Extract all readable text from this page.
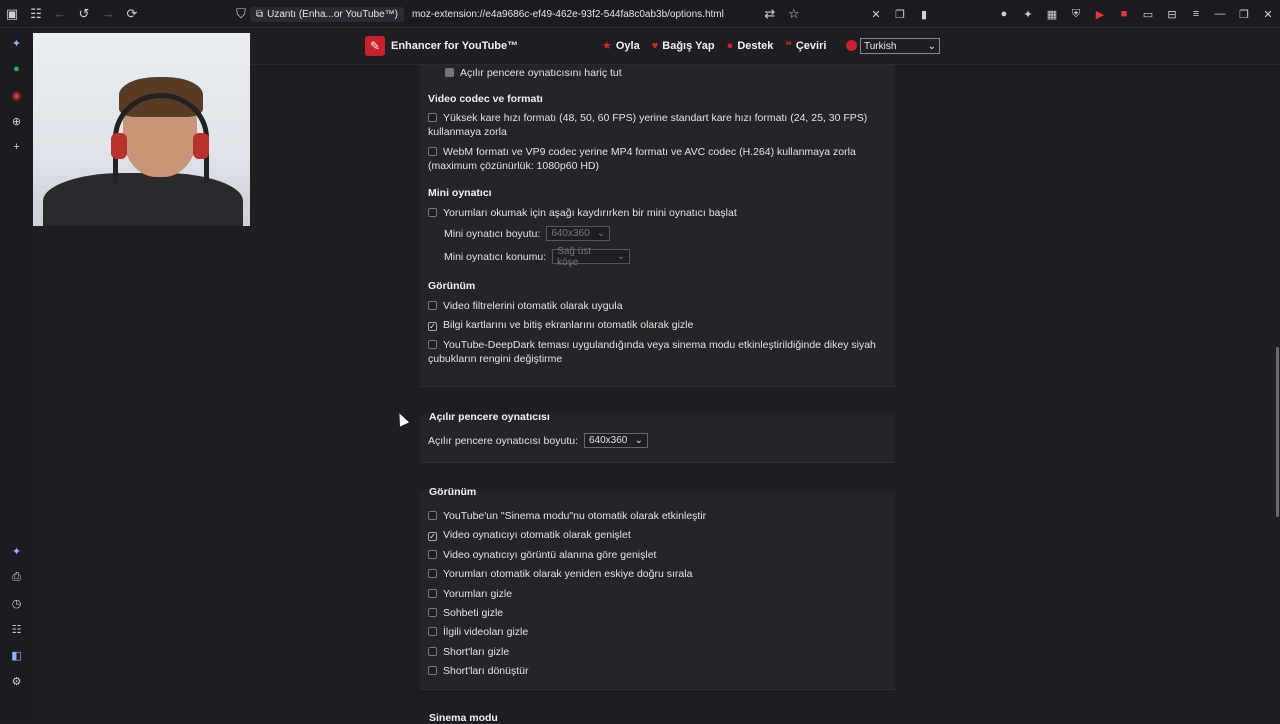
▣ ☷ ← ↺ → ⟳	⛉	⧉ Uzantı (Enha...or YouTube™) moz-extension://e4a9686c-ef49-462e-93f2-544fa8c0ab3b/options.html	⇄ ☆	✕	❐	▮	●	✦	▦	⛨	▶	■	▭	⊟	≡	—	❐	✕
✦
●
◉
⊕
+
✦
⎙
◷
☷
◧
⚙
✎ Enhancer for YouTube™	★ Oyla ♥ Bağış Yap ● Destek ❝ Çeviri	Turkish	⌄
Açılır pencere oynatıcısını hariç tut
Video codec ve formatı
Yüksek kare hızı formatı (48, 50, 60 FPS) yerine standart kare hızı formatı (24, 25, 30 FPS) kullanmaya zorla
WebM formatı ve VP9 codec yerine MP4 formatı ve AVC codec (H.264) kullanmaya zorla (maximum çözünürlük: 1080p60 HD)
Mini oynatıcı
Yorumları okumak için aşağı kaydırırken bir mini oynatıcı başlat
Mini oynatıcı boyutu: 640x360 ⌄
Mini oynatıcı konumu: Sağ üst köşe	⌄
Görünüm
Video filtrelerini otomatik olarak uygula
✓ Bilgi kartlarını ve bitiş ekranlarını otomatik olarak gizle
YouTube-DeepDark teması uygulandığında veya sinema modu etkinleştirildiğinde dikey siyah çubukların rengini değiştirme
Açılır pencere oynatıcısı
Açılır pencere oynatıcısı boyutu: 640x360 ⌄
Görünüm
YouTube'un "Sinema modu"nu otomatik olarak etkinleştir
✓ Video oynatıcıyı otomatik olarak genişlet
Video oynatıcıyı görüntü alanına göre genişlet
Yorumları otomatik olarak yeniden eskiye doğru sırala
Yorumları gizle
Sohbeti gizle
İlgili videoları gizle
Short'ları gizle
Short'ları dönüştür
Sinema modu
